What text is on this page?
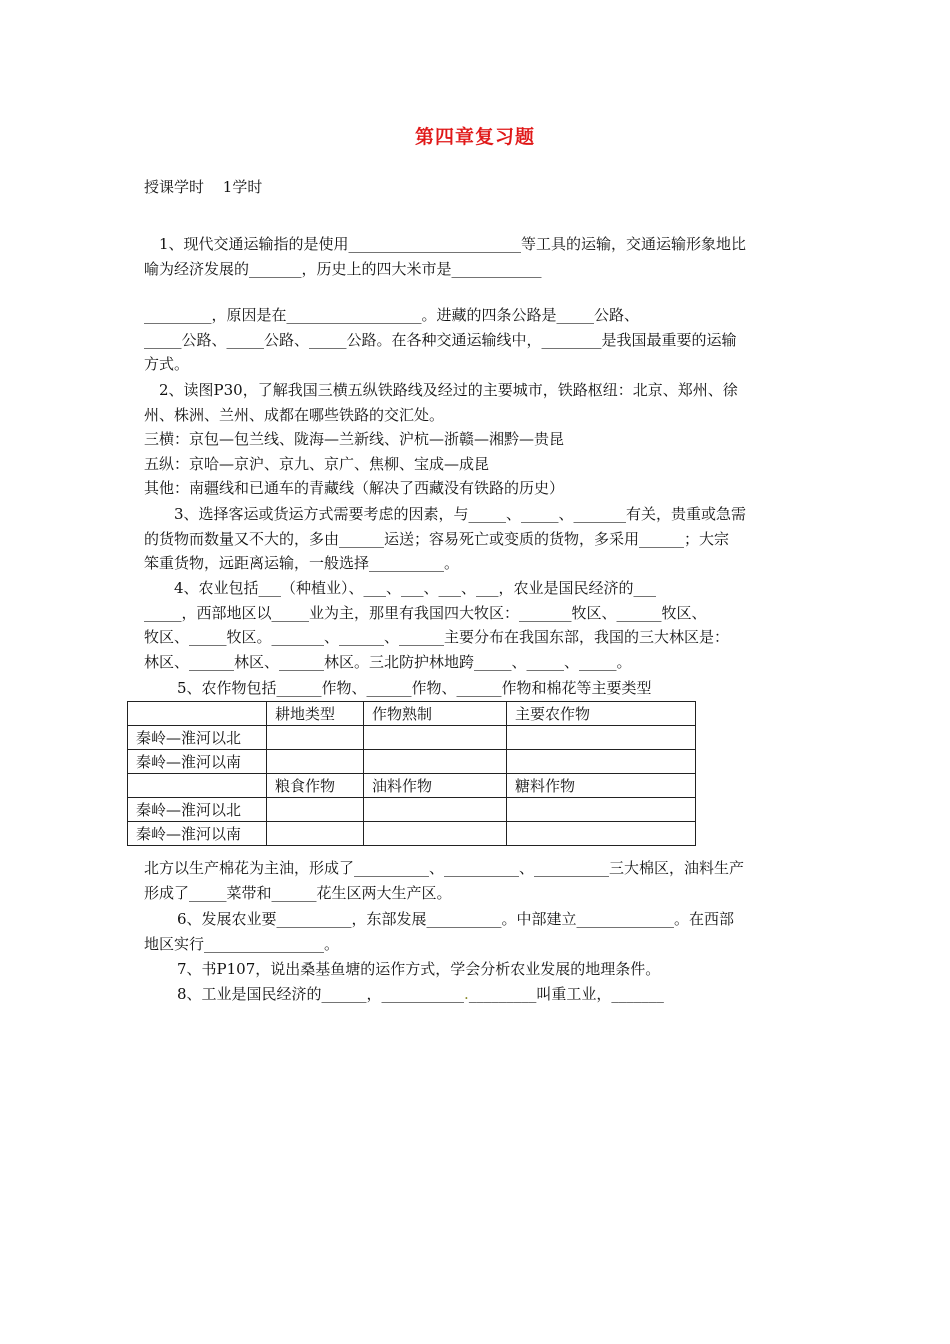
第四章复习题
授课学时 1学时

1、现代交通运输指的是使用_______________________等工具的运输，交通运输形象地比

喻为经济发展的_______，历史上的四大米市是____________

_________，原因是在__________________。进藏的四条公路是_____公路、

_____公路、_____公路、_____公路。在各种交通运输线中，________是我国最重要的运输

方式。

2、读图P30，了解我国三横五纵铁路线及经过的主要城市，铁路枢纽：北京、郑州、徐

州、株洲、兰州、成都在哪些铁路的交汇处。

三横：京包—包兰线、陇海—兰新线、沪杭—浙赣—湘黔—贵昆

五纵：京哈—京沪、京九、京广、焦柳、宝成—成昆

其他：南疆线和已通车的青藏线（解决了西藏没有铁路的历史）

3、选择客运或货运方式需要考虑的因素，与_____、_____、_______有关，贵重或急需

的货物而数量又不大的，多由______运送；容易死亡或变质的货物，多采用______；大宗

笨重货物，远距离运输，一般选择__________。

4、农业包括___（种植业）、___、___、___、___，农业是国民经济的___

_____，西部地区以_____业为主，那里有我国四大牧区：_______牧区、______牧区、

牧区、_____牧区。_______、______、______主要分布在我国东部，我国的三大林区是：

林区、______林区、______林区。三北防护林地跨_____、_____、_____。

5、农作物包括______作物、______作物、______作物和棉花等主要类型

	耕地类型	作物熟制	主要农作物
秦岭—淮河以北			
秦岭—淮河以南			
	粮食作物	油料作物	糖料作物
秦岭—淮河以北			
秦岭—淮河以南			

北方以生产棉花为主油，形成了__________、__________、__________三大棉区，油料生产

形成了_____菜带和______花生区两大生产区。

6、发展农业要__________，东部发展__________。中部建立_____________。在西部

地区实行________________。

7、书P107，说出桑基鱼塘的运作方式，学会分析农业发展的地理条件。

8、工业是国民经济的______，___________._________叫重工业，_______
